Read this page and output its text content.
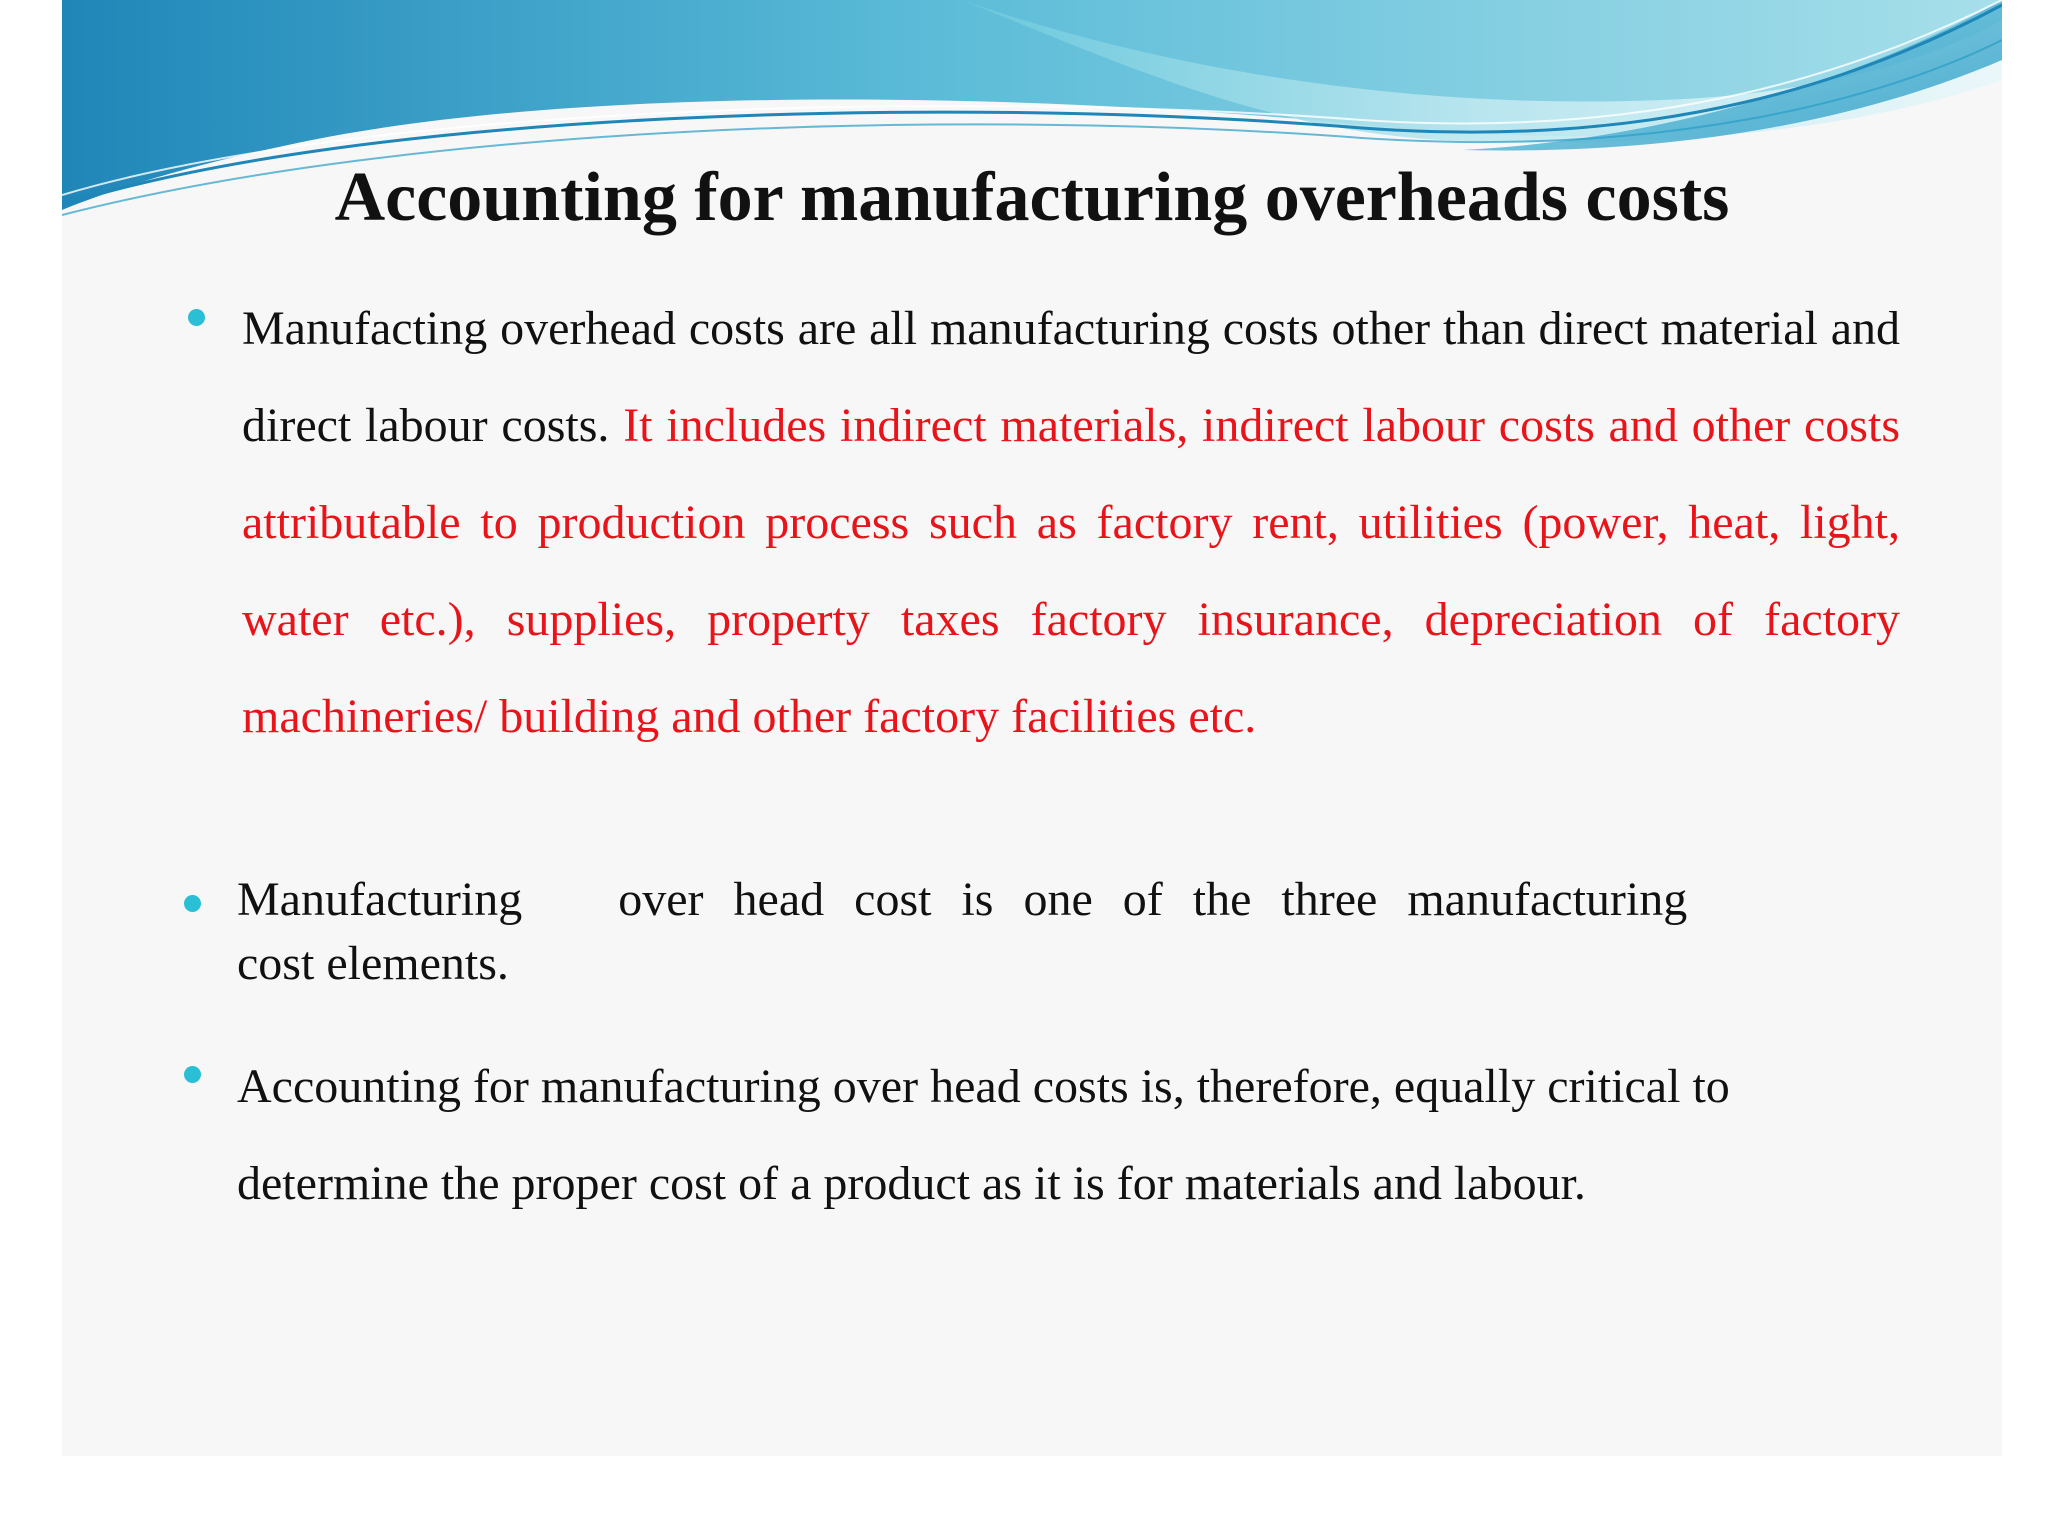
Accounting for manufacturing overheads costs
Manufacting overhead costs are all manufacturing costs other than direct material and direct labour costs. It includes indirect materials, indirect labour costs and other costs attributable to production process such as factory rent, utilities (power, heat, light, water etc.), supplies, property taxes factory insurance, depreciation of factory machineries/ building and other factory facilities etc.
Manufacturing over head cost is one of the three manufacturing
cost elements.
Accounting for manufacturing over head costs is, therefore, equally critical to determine the proper cost of a product as it is for materials and labour.
